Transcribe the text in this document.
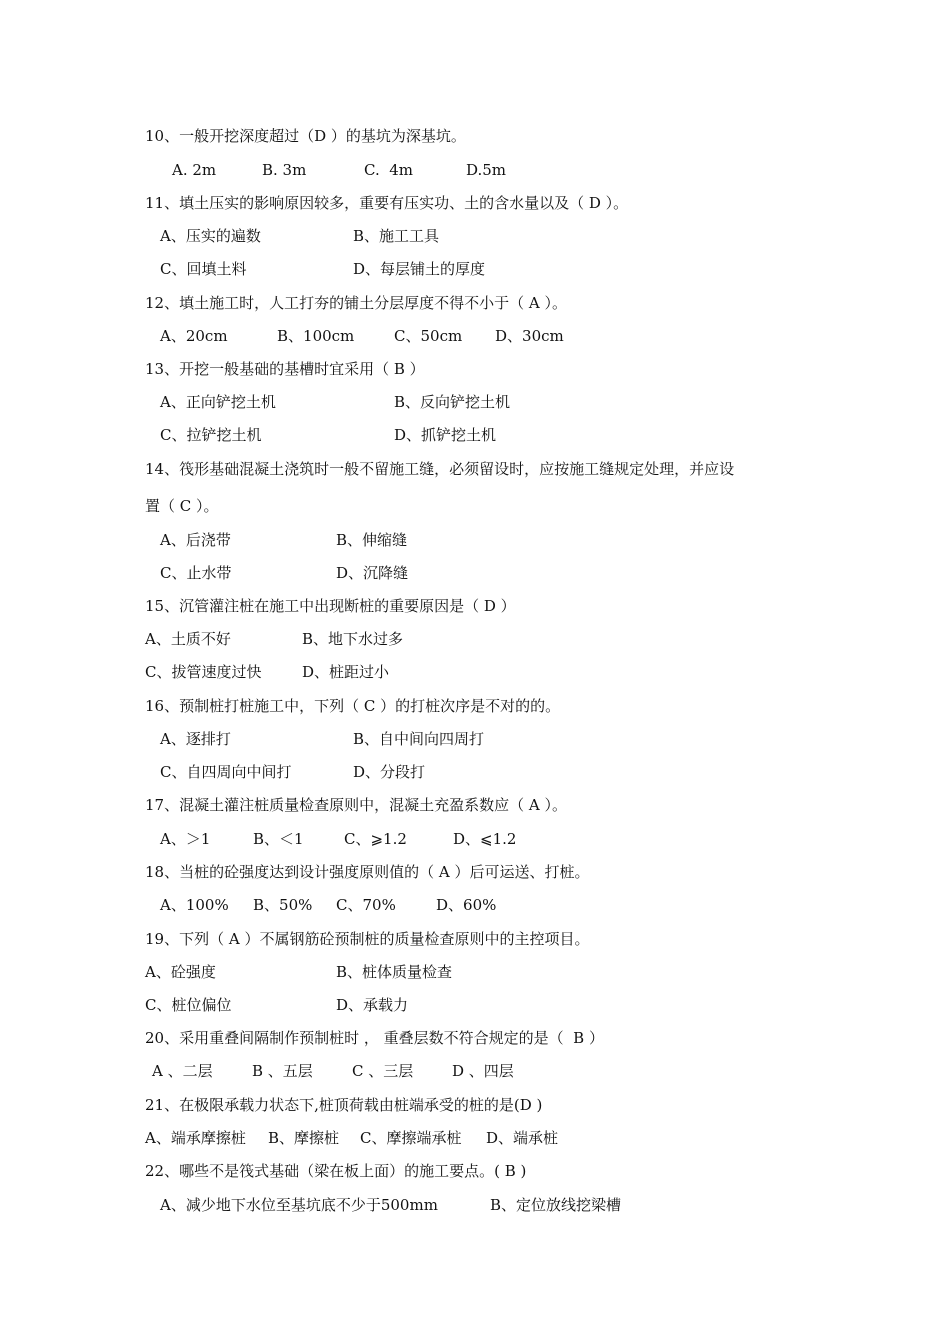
10、一般开挖深度超过（D ）的基坑为深基坑。
A. 2m	B. 3m	C.  4m	D.5m
11、填土压实的影响原因较多，重要有压实功、土的含水量以及（ D ）。
A、压实的遍数	B、施工工具
C、回填土料	D、每层铺土的厚度
12、填土施工时，人工打夯的铺土分层厚度不得不小于（ A ）。
A、20cm	B、100cm	C、50cm D、30cm
13、开挖一般基础的基槽时宜采用（ B ）
A、正向铲挖土机	B、反向铲挖土机
C、拉铲挖土机	D、抓铲挖土机
14、筏形基础混凝土浇筑时一般不留施工缝，必须留设时，应按施工缝规定处理，并应设
置（ C ）。
A、后浇带	B、伸缩缝
C、止水带	D、沉降缝
15、沉管灌注桩在施工中出现断桩的重要原因是（ D ）
A、土质不好	B、地下水过多
C、拔管速度过快	D、桩距过小
16、预制桩打桩施工中，下列（ C ）的打桩次序是不对的的。
A、逐排打	B、自中间向四周打
C、自四周向中间打	D、分段打
17、混凝土灌注桩质量检查原则中，混凝土充盈系数应（ A ）。
A、＞1	B、＜1	C、⩾1.2	D、⩽1.2
18、当桩的砼强度达到设计强度原则值的（ A ）后可运送、打桩。
A、100% B、50% C、70%	D、60%
19、下列（ A ）不属钢筋砼预制桩的质量检查原则中的主控项目。
A、砼强度	B、桩体质量检查
C、桩位偏位	D、承载力
20、采用重叠间隔制作预制桩时 ， 重叠层数不符合规定的是（  B ）
A 、二层	B 、五层	C 、三层	D 、四层
21、在极限承载力状态下,桩顶荷载由桩端承受的桩的是(D )
A、端承摩擦桩 B、摩擦桩 C、摩擦端承桩 D、端承桩
22、哪些不是筏式基础（梁在板上面）的施工要点。( B )
A、减少地下水位至基坑底不少于500mm	B、定位放线挖梁槽
